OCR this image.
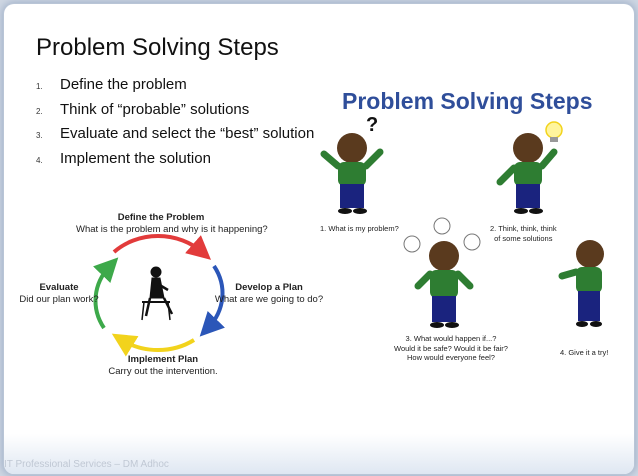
Problem Solving Steps
1.	Define the problem
2.	Think of “probable” solutions
3.	Evaluate and select the “best” solution
4.	Implement the solution
Define the Problem
What is the problem and why is it happening?
Develop a Plan
What are we going to do?
Implement Plan
Carry out the intervention.
Evaluate
Did our plan work?
Problem Solving Steps
?
1. What is my problem?	2. Think, think, think
of some solutions
3. What would happen if...?
Would it be safe? Would it be fair?
How would everyone feel?
4. Give it a try!
IT Professional Services – DM Adhoc
